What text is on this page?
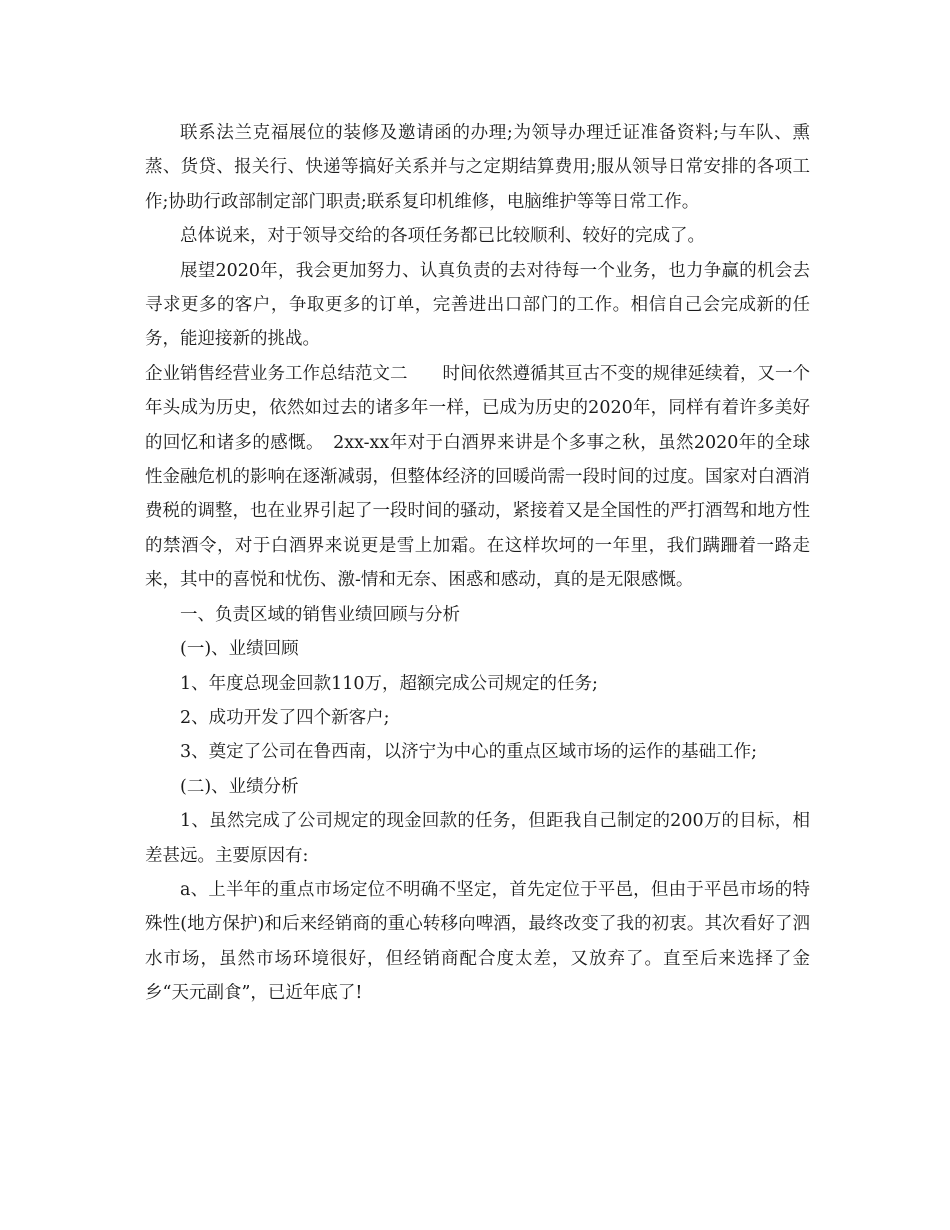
联系法兰克福展位的装修及邀请函的办理;为领导办理迁证准备资料;与车队、熏蒸、货贷、报关行、快递等搞好关系并与之定期结算费用;服从领导日常安排的各项工作;协助行政部制定部门职责;联系复印机维修，电脑维护等等日常工作。

总体说来，对于领导交给的各项任务都已比较顺利、较好的完成了。

展望2020年，我会更加努力、认真负责的去对待每一个业务，也力争赢的机会去寻求更多的客户，争取更多的订单，完善进出口部门的工作。相信自己会完成新的任务，能迎接新的挑战。

企业销售经营业务工作总结范文二　　时间依然遵循其亘古不变的规律延续着，又一个年头成为历史，依然如过去的诸多年一样，已成为历史的2020年，同样有着许多美好的回忆和诸多的感慨。　2xx-xx年对于白酒界来讲是个多事之秋，虽然2020年的全球性金融危机的影响在逐渐减弱，但整体经济的回暖尚需一段时间的过度。国家对白酒消费税的调整，也在业界引起了一段时间的骚动，紧接着又是全国性的严打酒驾和地方性的禁酒令，对于白酒界来说更是雪上加霜。在这样坎坷的一年里，我们蹒跚着一路走来，其中的喜悦和忧伤、激-情和无奈、困惑和感动，真的是无限感慨。

一、负责区域的销售业绩回顾与分析

(一)、业绩回顾

1、年度总现金回款110万，超额完成公司规定的任务;

2、成功开发了四个新客户;

3、奠定了公司在鲁西南，以济宁为中心的重点区域市场的运作的基础工作;

(二)、业绩分析

1、虽然完成了公司规定的现金回款的任务，但距我自己制定的200万的目标，相差甚远。主要原因有:

a、上半年的重点市场定位不明确不坚定，首先定位于平邑，但由于平邑市场的特殊性(地方保护)和后来经销商的重心转移向啤酒，最终改变了我的初衷。其次看好了泗水市场，虽然市场环境很好，但经销商配合度太差，又放弃了。直至后来选择了金乡“天元副食”，已近年底了!
